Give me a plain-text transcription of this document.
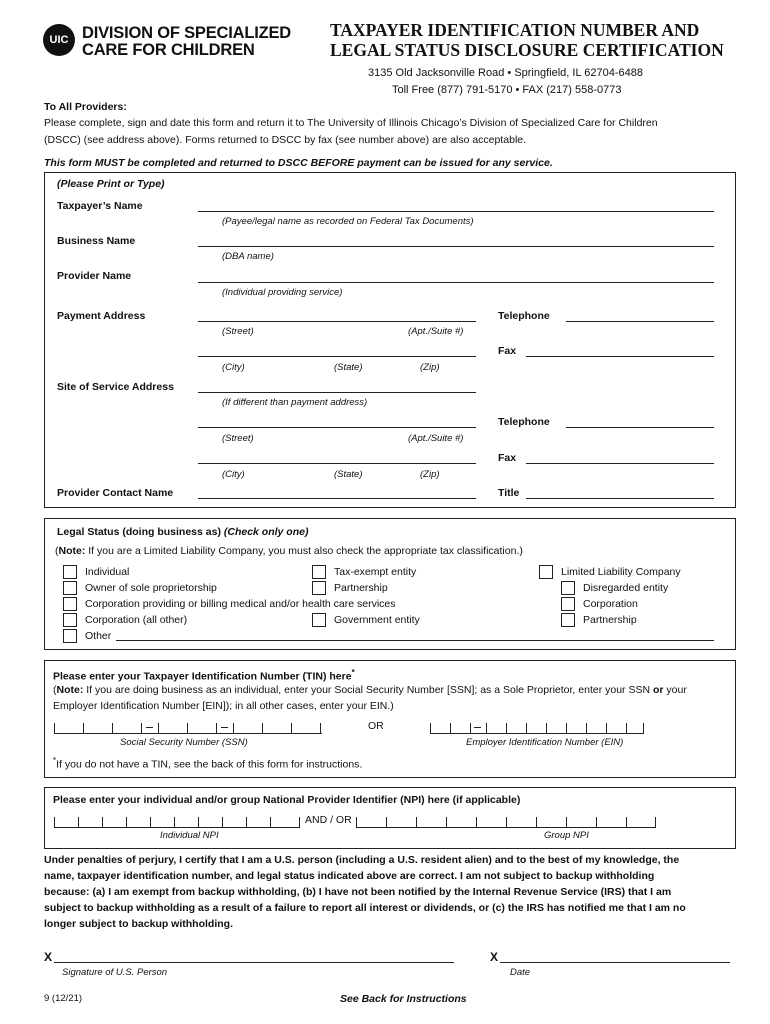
UIC DIVISION OF SPECIALIZED
CARE FOR CHILDREN
TAXPAYER IDENTIFICATION NUMBER AND
LEGAL STATUS DISCLOSURE CERTIFICATION
3135 Old Jacksonville Road • Springfield, IL 62704-6488
Toll Free (877) 791-5170 • FAX (217) 558-0773
To All Providers:
Please complete, sign and date this form and return it to The University of Illinois Chicago’s Division of Specialized Care for Children
(DSCC) (see address above). Forms returned to DSCC by fax (see number above) are also acceptable.
This form MUST be completed and returned to DSCC BEFORE payment can be issued for any service.
(Please Print or Type)
Taxpayer’s Name
(Payee/legal name as recorded on Federal Tax Documents)
Business Name
(DBA name)
Provider Name
(Individual providing service)
Payment Address
(Street)	(Apt./Suite #)
Telephone
(City)	(State)	(Zip)
Fax
Site of Service Address
(If different than payment address)
(Street)	(Apt./Suite #)
Telephone
(City)	(State)	(Zip)
Fax
Provider Contact Name	Title
Legal Status (doing business as) (Check only one)
(Note: If you are a Limited Liability Company, you must also check the appropriate tax classification.)
Individual
Owner of sole proprietorship
Corporation providing or billing medical and/or health care services
Corporation (all other)
Other
Tax-exempt entity
Partnership
Government entity
Limited Liability Company
Disregarded entity
Corporation
Partnership
Please enter your Taxpayer Identification Number (TIN) here*
(Note: If you are doing business as an individual, enter your Social Security Number [SSN]; as a Sole Proprietor, enter your SSN or your
Employer Identification Number [EIN]); in all other cases, enter your EIN.)
OR
Social Security Number (SSN)	Employer Identification Number (EIN)
*If you do not have a TIN, see the back of this form for instructions.
Please enter your individual and/or group National Provider Identifier (NPI) here (if applicable)
AND / OR
Individual NPI	Group NPI
Under penalties of perjury, I certify that I am a U.S. person (including a U.S. resident alien) and to the best of my knowledge, the
name, taxpayer identification number, and legal status indicated above are correct. I am not subject to backup withholding
because: (a) I am exempt from backup withholding, (b) I have not been notified by the Internal Revenue Service (IRS) that I am
subject to backup withholding as a result of a failure to report all interest or dividends, or (c) the IRS has notified me that I am no
longer subject to backup withholding.
X
Signature of U.S. Person
X
Date
9 (12/21)	See Back for Instructions
